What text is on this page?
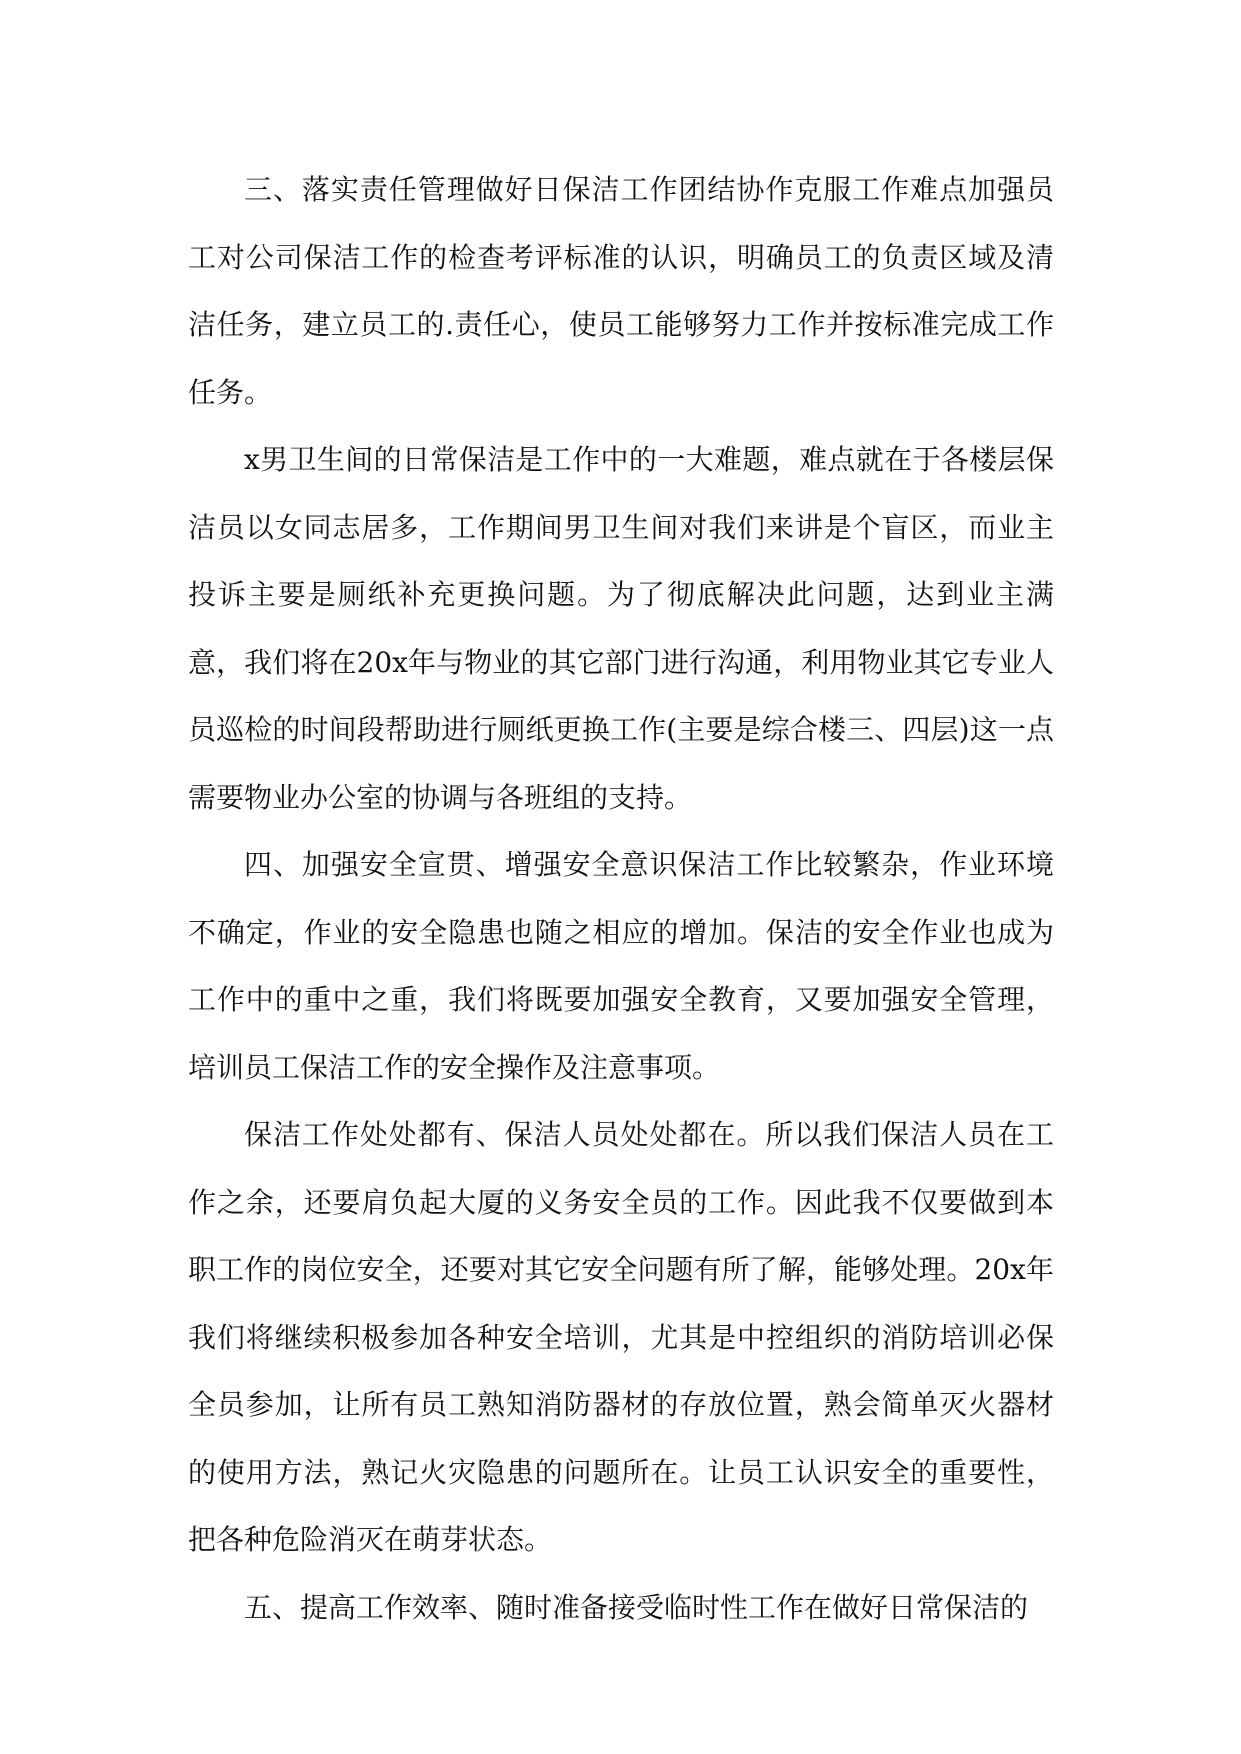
三、落实责任管理做好日保洁工作团结协作克服工作难点加强员工对公司保洁工作的检查考评标准的认识，明确员工的负责区域及清洁任务，建立员工的.责任心，使员工能够努力工作并按标准完成工作任务。

x男卫生间的日常保洁是工作中的一大难题，难点就在于各楼层保洁员以女同志居多，工作期间男卫生间对我们来讲是个盲区，而业主投诉主要是厕纸补充更换问题。为了彻底解决此问题，达到业主满意，我们将在20x年与物业的其它部门进行沟通，利用物业其它专业人员巡检的时间段帮助进行厕纸更换工作(主要是综合楼三、四层)这一点需要物业办公室的协调与各班组的支持。

四、加强安全宣贯、增强安全意识保洁工作比较繁杂，作业环境不确定，作业的安全隐患也随之相应的增加。保洁的安全作业也成为工作中的重中之重，我们将既要加强安全教育，又要加强安全管理，培训员工保洁工作的安全操作及注意事项。

保洁工作处处都有、保洁人员处处都在。所以我们保洁人员在工作之余，还要肩负起大厦的义务安全员的工作。因此我不仅要做到本职工作的岗位安全，还要对其它安全问题有所了解，能够处理。20x年我们将继续积极参加各种安全培训，尤其是中控组织的消防培训必保全员参加，让所有员工熟知消防器材的存放位置，熟会简单灭火器材的使用方法，熟记火灾隐患的问题所在。让员工认识安全的重要性，把各种危险消灭在萌芽状态。

五、提高工作效率、随时准备接受临时性工作在做好日常保洁的
